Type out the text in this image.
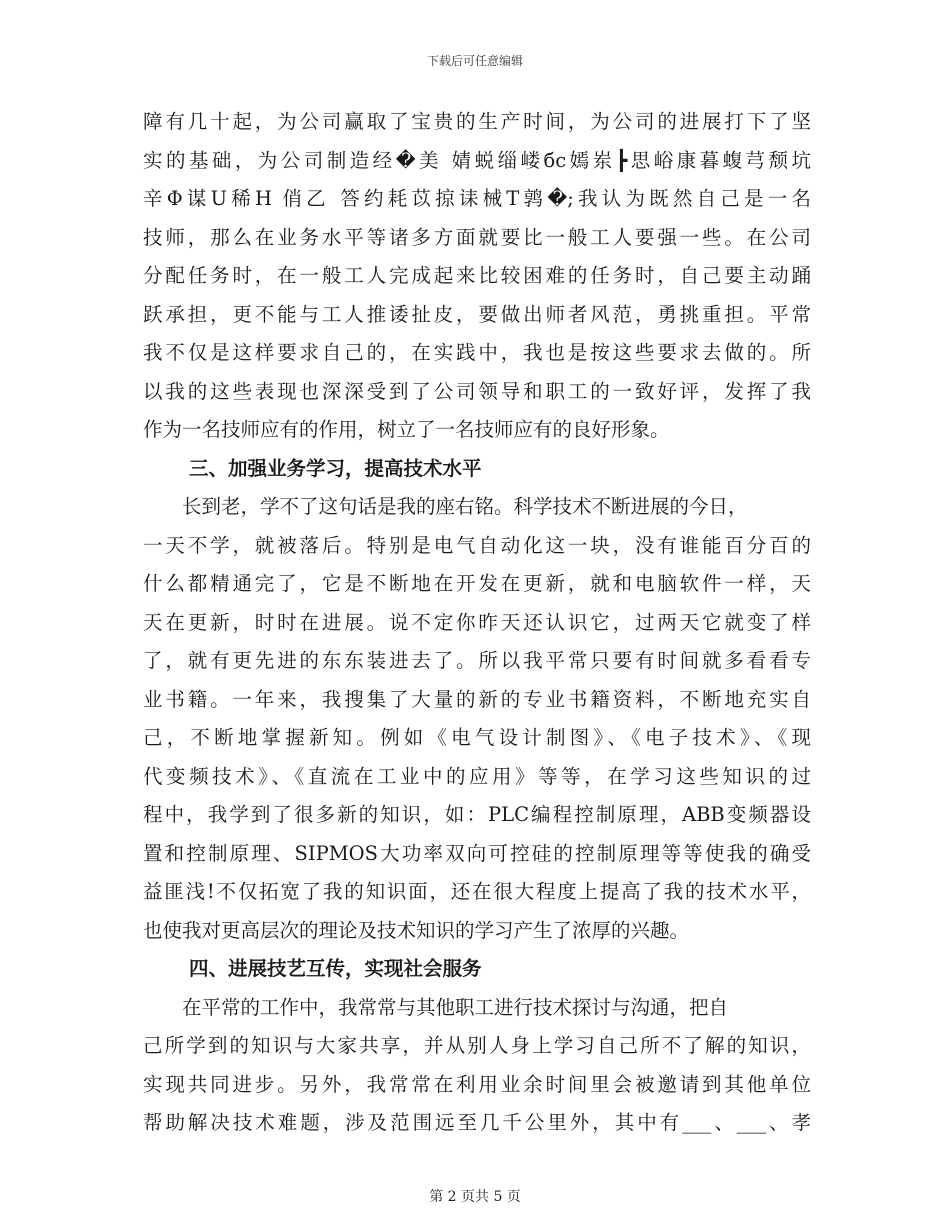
下载后可任意编辑
障有几十起，为公司赢取了宝贵的生产时间，为公司的进展打下了坚
实的基础，为公司制造经�美 婧蜕缁嵝бс嫣岽┣思峪康暮蝮芎颓坑
辛Φ谋U稀H 俏乙 答约耗苡掠诔械T鹑�;我认为既然自己是一名
技师，那么在业务水平等诸多方面就要比一般工人要强一些。在公司
分配任务时，在一般工人完成起来比较困难的任务时，自己要主动踊
跃承担，更不能与工人推诿扯皮，要做出师者风范，勇挑重担。平常
我不仅是这样要求自己的，在实践中，我也是按这些要求去做的。所
以我的这些表现也深深受到了公司领导和职工的一致好评，发挥了我
作为一名技师应有的作用，树立了一名技师应有的良好形象。
三、加强业务学习，提高技术水平
长到老，学不了这句话是我的座右铭。科学技术不断进展的今日，
一天不学，就被落后。特别是电气自动化这一块，没有谁能百分百的
什么都精通完了，它是不断地在开发在更新，就和电脑软件一样，天
天在更新，时时在进展。说不定你昨天还认识它，过两天它就变了样
了，就有更先进的东东装进去了。所以我平常只要有时间就多看看专
业书籍。一年来，我搜集了大量的新的专业书籍资料，不断地充实自
己，不断地掌握新知。例如《电气设计制图》、《电子技术》、《现
代变频技术》、《直流在工业中的应用》等等，在学习这些知识的过
程中，我学到了很多新的知识，如：PLC编程控制原理，ABB变频器设
置和控制原理、SIPMOS大功率双向可控硅的控制原理等等使我的确受
益匪浅!不仅拓宽了我的知识面，还在很大程度上提高了我的技术水平，
也使我对更高层次的理论及技术知识的学习产生了浓厚的兴趣。
四、进展技艺互传，实现社会服务
在平常的工作中，我常常与其他职工进行技术探讨与沟通，把自
己所学到的知识与大家共享，并从别人身上学习自己所不了解的知识，
实现共同进步。另外，我常常在利用业余时间里会被邀请到其他单位
帮助解决技术难题，涉及范围远至几千公里外，其中有___、___、孝
第 2 页共 5 页
